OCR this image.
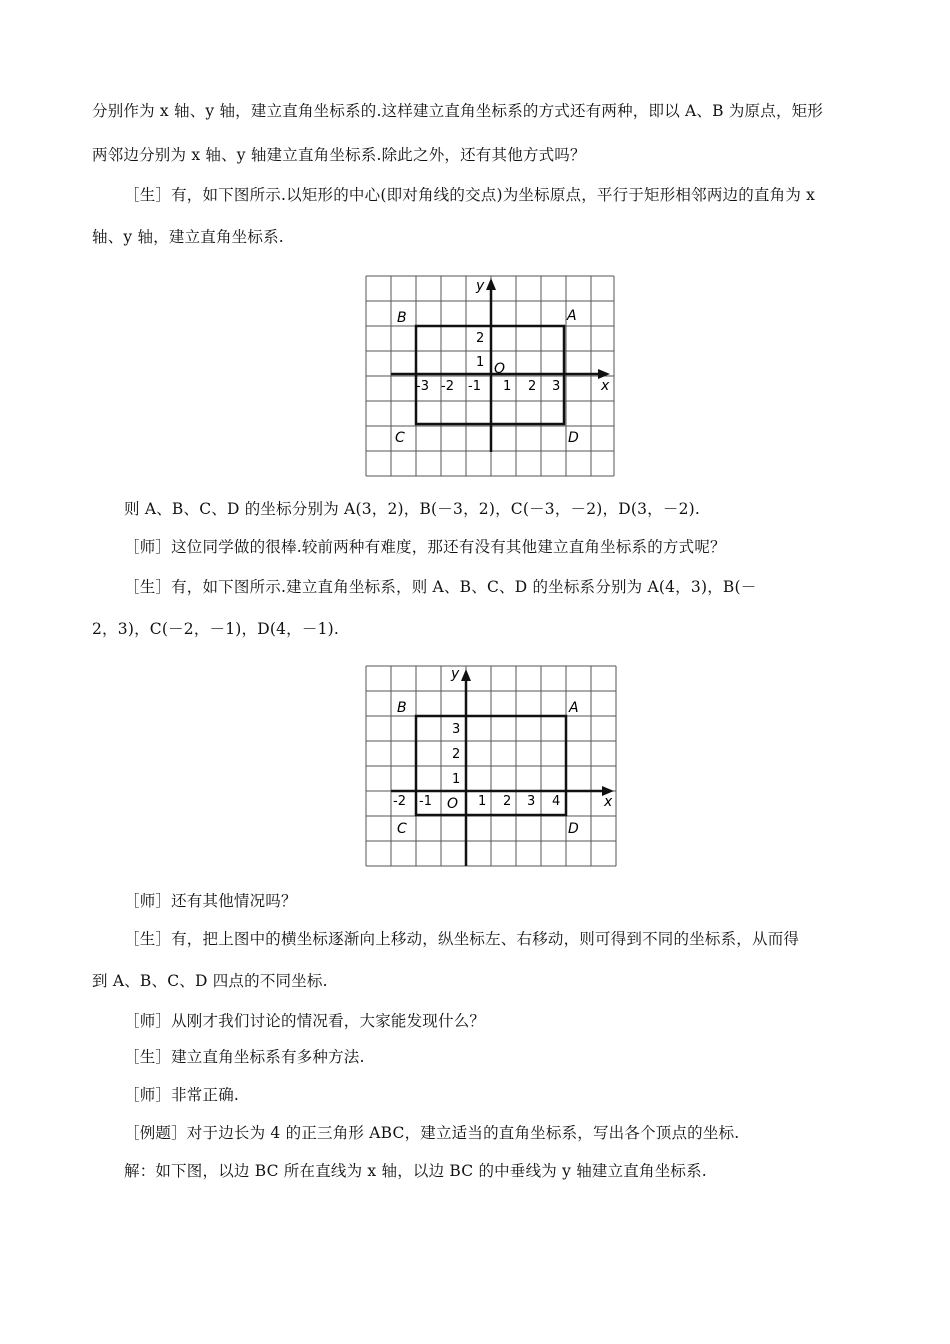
分别作为 x 轴、y 轴，建立直角坐标系的.这样建立直角坐标系的方式还有两种，即以 A、B 为原点，矩形
两邻边分别为 x 轴、y 轴建立直角坐标系.除此之外，还有其他方式吗？
［生］有，如下图所示.以矩形的中心(即对角线的交点)为坐标原点，平行于矩形相邻两边的直角为 x
轴、y 轴，建立直角坐标系.
x
y
O
A
B
C	D
-3 -2 -1 1 2 3
2
1
则 A、B、C、D 的坐标分别为 A(3，2)，B(－3，2)，C(－3，－2)，D(3，－2).
［师］这位同学做的很棒.较前两种有难度，那还有没有其他建立直角坐标系的方式呢？
［生］有，如下图所示.建立直角坐标系，则 A、B、C、D 的坐标系分别为 A(4，3)，B(－
2，3)，C(－2，－1)，D(4，－1).
x
y
O
A
B
C	D
-2 -1	1 2 3 4
3
2
1
［师］还有其他情况吗？
［生］有，把上图中的横坐标逐渐向上移动，纵坐标左、右移动，则可得到不同的坐标系，从而得
到 A、B、C、D 四点的不同坐标.
［师］从刚才我们讨论的情况看，大家能发现什么？
［生］建立直角坐标系有多种方法.
［师］非常正确.
［例题］对于边长为 4 的正三角形 ABC，建立适当的直角坐标系，写出各个顶点的坐标.
解：如下图，以边 BC 所在直线为 x 轴，以边 BC 的中垂线为 y 轴建立直角坐标系.
